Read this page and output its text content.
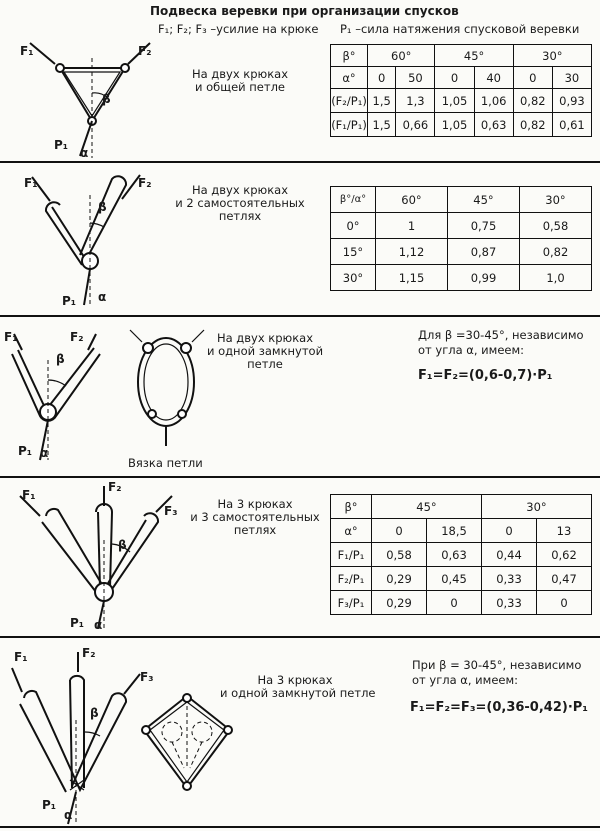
Подвеска веревки при организации спусков
F₁; F₂; F₃ –усилие на крюке P₁ –сила натяжения спусковой веревки
F₁	F₂
P₁
α
β
На двух крюках
и общей петле
β°	60°		45°		30°	
α°	0	50	0	40	0	30
(F₂/P₁)	1,5	1,3	1,05	1,06	0,82	0,93
(F₁/P₁)	1,5	0,66	1,05	0,63	0,82	0,61
F₁	F₂
β
P₁ α
На двух крюках
и 2 самостоятельных
петлях
β°/α°	60°	45°	30°
0°	1	0,75	0,58
15°	1,12	0,87	0,82
30°	1,15	0,99	1,0
F₁	F₂
β
P₁ α
Вязка петли
На двух крюках
и одной замкнутой
петле
Для β =30-45°, независимо
от угла α, имеем:
F₁=F₂=(0,6-0,7)·P₁
F₁
F₂
F₃
β
P₁ α
На 3 крюках
и 3 самостоятельных
петлях
β°	45°		30°	
α°	0	18,5	0	13
F₁/P₁	0,58	0,63	0,44	0,62
F₂/P₁	0,29	0,45	0,33	0,47
F₃/P₁	0,29	0	0,33	0
F₁	F₂
F₃
β
P₁
α
На 3 крюках
и одной замкнутой петле
При β = 30-45°, независимо
от угла α, имеем:
F₁=F₂=F₃=(0,36-0,42)·P₁
